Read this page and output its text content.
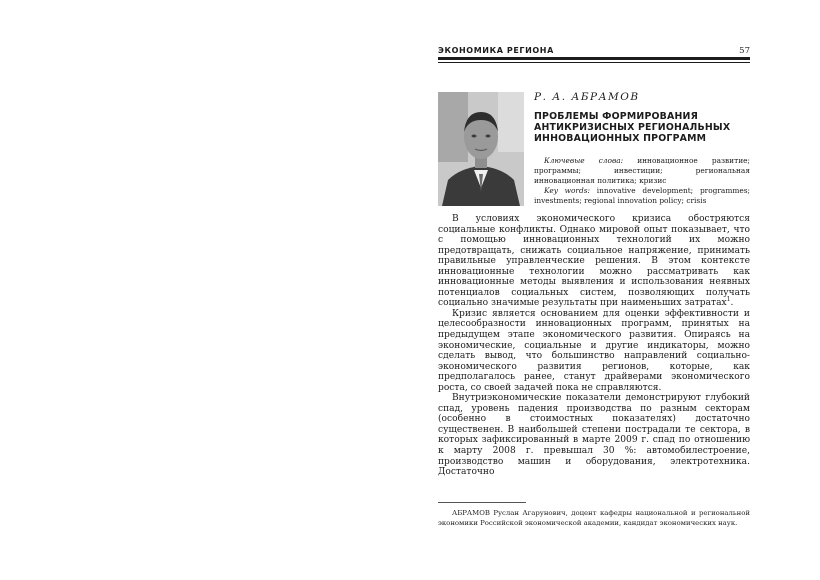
ЭКОНОМИКА РЕГИОНА	57
Р. А. АБРАМОВ
ПРОБЛЕМЫ ФОРМИРОВАНИЯ
АНТИКРИЗИСНЫХ РЕГИОНАЛЬНЫХ
ИННОВАЦИОННЫХ ПРОГРАММ

Ключевые слова: инновационное развитие; программы; инвестиции; региональная инновационная политика; кризис

Key words: innovative development; programmes; investments; regional innovation policy; crisis

В условиях экономического кризиса обостряются социальные конфликты. Однако мировой опыт показывает, что с помощью инновационных технологий их можно предотвращать, снижать социальное напряжение, принимать правильные управленческие решения. В этом контексте инновационные технологии можно рассматривать как инновационные методы выявления и использования неявных потенциалов социальных систем, позволяющих получать социально значимые результаты при наименьших затратах$^1$.

Кризис является основанием для оценки эффективности и целесообразности инновационных программ, принятых на предыдущем этапе экономического развития. Опираясь на экономические, социальные и другие индикаторы, можно сделать вывод, что большинство направлений социально-экономического развития регионов, которые, как предполагалось ранее, станут драйверами экономического роста, со своей задачей пока не справляются.

Внутриэкономические показатели демонстрируют глубокий спад, уровень падения производства по разным секторам (особенно в стоимостных показателях) достаточно существенен. В наибольшей степени пострадали те сектора, в которых зафиксированный в марте 2009 г. спад по отношению к марту 2008 г. превышал 30 %: автомобилестроение, производство машин и оборудования, электротехника. Достаточно

АБРАМОВ Руслан Агарунович, доцент кафедры национальной и региональной экономики Российской экономической академии, кандидат экономических наук.
